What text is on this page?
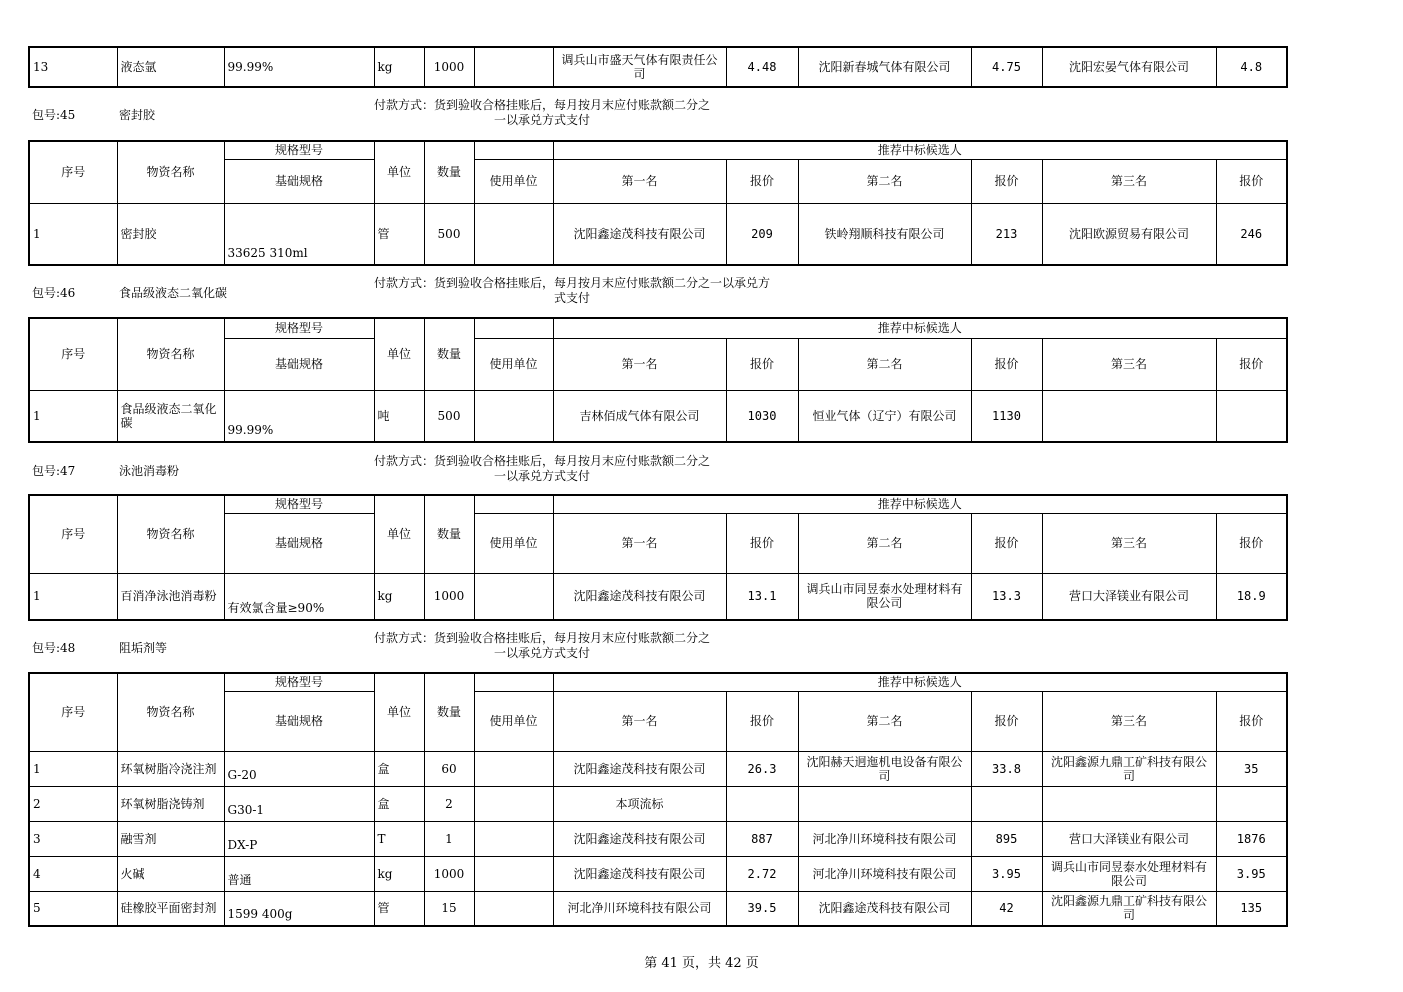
13	液态氩	99.99%	kg	1000		调兵山市盛天气体有限责任公司	4.48	沈阳新春城气体有限公司	4.75	沈阳宏晏气体有限公司	4.8
包号:45	密封胶
付款方式：货到验收合格挂账后，每月按月末应付账款额二分之
一以承兑方式支付
序号	物资名称	规格型号	单位	数量		推荐中标候选人					
		基础规格			使用单位	第一名	报价	第二名	报价	第三名	报价
1	密封胶	33625 310ml	管	500		沈阳鑫途茂科技有限公司	209	铁岭翔顺科技有限公司	213	沈阳欧源贸易有限公司	246
包号:46	食品级液态二氧化碳
付款方式：货到验收合格挂账后，每月按月末应付账款额二分之一以承兑方
式支付
序号	物资名称	规格型号	单位	数量		推荐中标候选人					
		基础规格			使用单位	第一名	报价	第二名	报价	第三名	报价
1	食品级液态二氧化碳	99.99%	吨	500		吉林佰成气体有限公司	1030	恒业气体（辽宁）有限公司	1130		
包号:47	泳池消毒粉
付款方式：货到验收合格挂账后，每月按月末应付账款额二分之
一以承兑方式支付
序号	物资名称	规格型号	单位	数量		推荐中标候选人					
		基础规格			使用单位	第一名	报价	第二名	报价	第三名	报价
1	百消净泳池消毒粉	有效氯含量≥90%	kg	1000		沈阳鑫途茂科技有限公司	13.1	调兵山市同昱泰水处理材料有限公司	13.3	营口大泽镁业有限公司	18.9
包号:48	阻垢剂等
付款方式：货到验收合格挂账后，每月按月末应付账款额二分之
一以承兑方式支付
序号	物资名称	规格型号	单位	数量		推荐中标候选人					
		基础规格			使用单位	第一名	报价	第二名	报价	第三名	报价
1	环氧树脂冷浇注剂	G-20	盒	60		沈阳鑫途茂科技有限公司	26.3	沈阳赫天迥迤机电设备有限公司	33.8	沈阳鑫源九鼎工矿科技有限公司	35
2	环氧树脂浇铸剂	G30-1	盒	2		本项流标					
3	融雪剂	DX-P	T	1		沈阳鑫途茂科技有限公司	887	河北净川环境科技有限公司	895	营口大泽镁业有限公司	1876
4	火碱	普通	kg	1000		沈阳鑫途茂科技有限公司	2.72	河北净川环境科技有限公司	3.95	调兵山市同昱泰水处理材料有限公司	3.95
5	硅橡胶平面密封剂	1599 400g	管	15		河北净川环境科技有限公司	39.5	沈阳鑫途茂科技有限公司	42	沈阳鑫源九鼎工矿科技有限公司	135
第 41 页，共 42 页
